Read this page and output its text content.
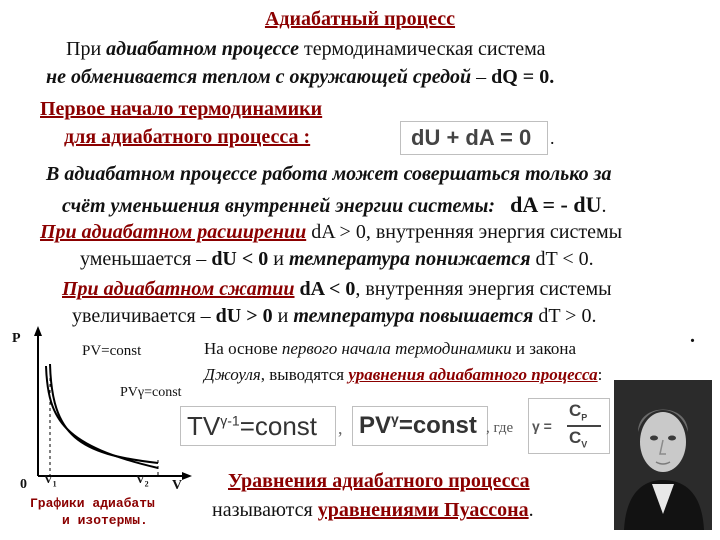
Адиабатный процесс
При адиабатном процессе термодинамическая система
не обменивается теплом с окружающей средой – dQ = 0.
Первое начало термодинамики
для адиабатного процесса :	dU + dA = 0 .
В адиабатном процессе работа может совершаться только за
счёт уменьшения внутренней энергии системы: dA = - dU.
При адиабатном расширении dA > 0, внутренняя энергия системы
уменьшается – dU < 0 и температура понижается dT < 0.
При адиабатном сжатии dA < 0, внутренняя энергия системы
увеличивается – dU > 0 и температура повышается dT > 0.
.
P
0	V
$V_1$	$V_2$
PV=const
PVγ=const
Графики адиабаты
и изотермы.
На основе первого начала термодинамики и закона
Джоуля, выводятся уравнения адиабатного процесса:
$TV^{\gamma-1}=const$ , $PV^\gamma=const$ , где γ =
$C_P$
$C_V$
Уравнения адиабатного процесса
называются уравнениями Пуассона.
